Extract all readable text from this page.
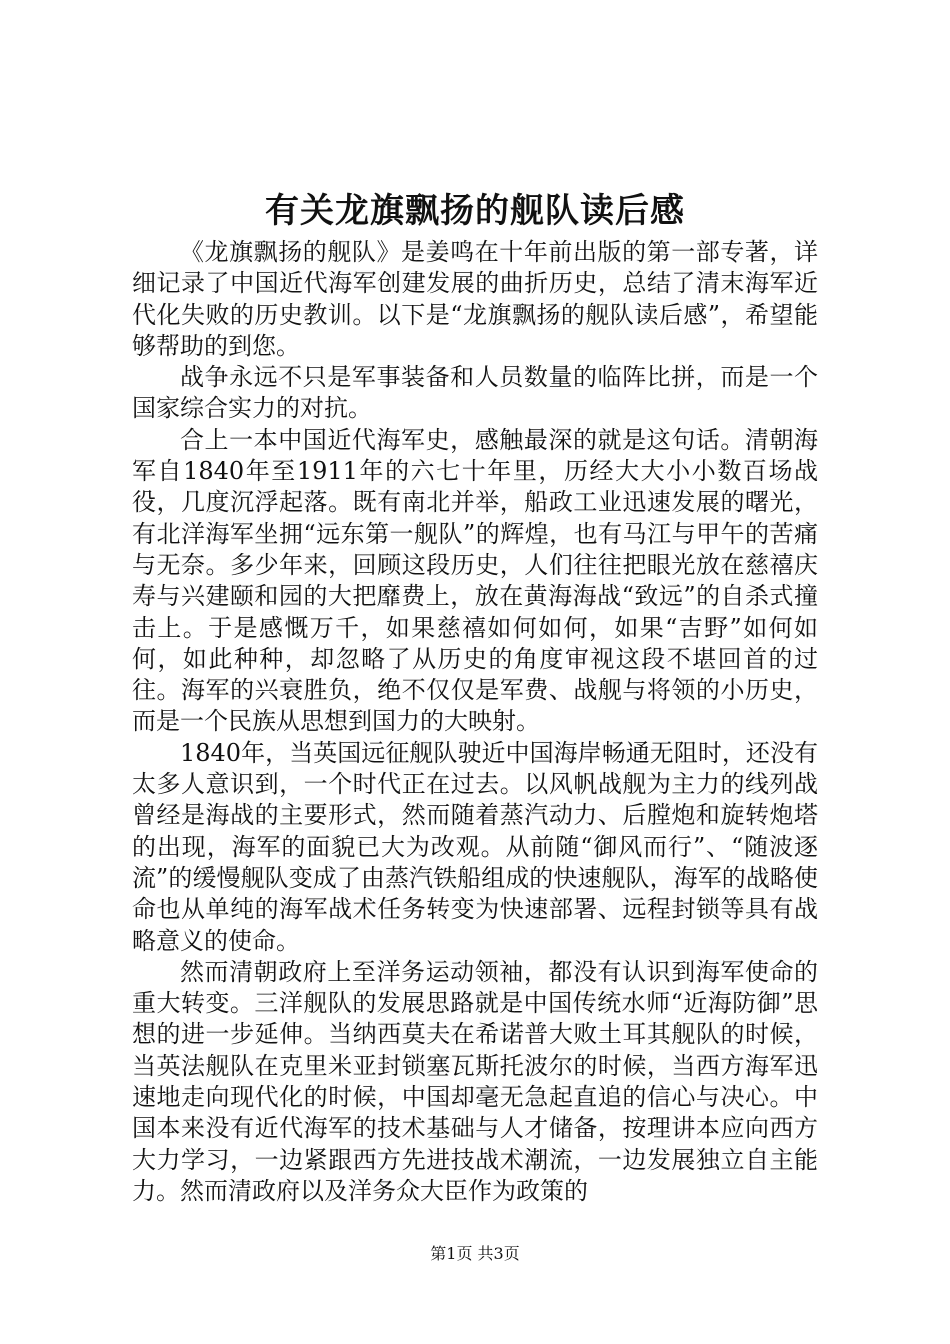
有关龙旗飘扬的舰队读后感

《龙旗飘扬的舰队》是姜鸣在十年前出版的第一部专著，详细记录了中国近代海军创建发展的曲折历史，总结了清末海军近代化失败的历史教训。以下是“龙旗飘扬的舰队读后感”，希望能够帮助的到您。

战争永远不只是军事装备和人员数量的临阵比拼，而是一个国家综合实力的对抗。

合上一本中国近代海军史，感触最深的就是这句话。清朝海军自1840年至1911年的六七十年里，历经大大小小数百场战役，几度沉浮起落。既有南北并举，船政工业迅速发展的曙光，有北洋海军坐拥“远东第一舰队”的辉煌，也有马江与甲午的苦痛与无奈。多少年来，回顾这段历史，人们往往把眼光放在慈禧庆寿与兴建颐和园的大把靡费上，放在黄海海战“致远”的自杀式撞击上。于是感慨万千，如果慈禧如何如何，如果“吉野”如何如何，如此种种，却忽略了从历史的角度审视这段不堪回首的过往。海军的兴衰胜负，绝不仅仅是军费、战舰与将领的小历史，而是一个民族从思想到国力的大映射。

1840年，当英国远征舰队驶近中国海岸畅通无阻时，还没有太多人意识到，一个时代正在过去。以风帆战舰为主力的线列战曾经是海战的主要形式，然而随着蒸汽动力、后膛炮和旋转炮塔的出现，海军的面貌已大为改观。从前随“御风而行”、“随波逐流”的缓慢舰队变成了由蒸汽铁船组成的快速舰队，海军的战略使命也从单纯的海军战术任务转变为快速部署、远程封锁等具有战略意义的使命。

然而清朝政府上至洋务运动领袖，都没有认识到海军使命的重大转变。三洋舰队的发展思路就是中国传统水师“近海防御”思想的进一步延伸。当纳西莫夫在希诺普大败土耳其舰队的时候，当英法舰队在克里米亚封锁塞瓦斯托波尔的时候，当西方海军迅速地走向现代化的时候，中国却毫无急起直追的信心与决心。中国本来没有近代海军的技术基础与人才储备，按理讲本应向西方大力学习，一边紧跟西方先进技战术潮流，一边发展独立自主能力。然而清政府以及洋务众大臣作为政策的

第1页 共3页
